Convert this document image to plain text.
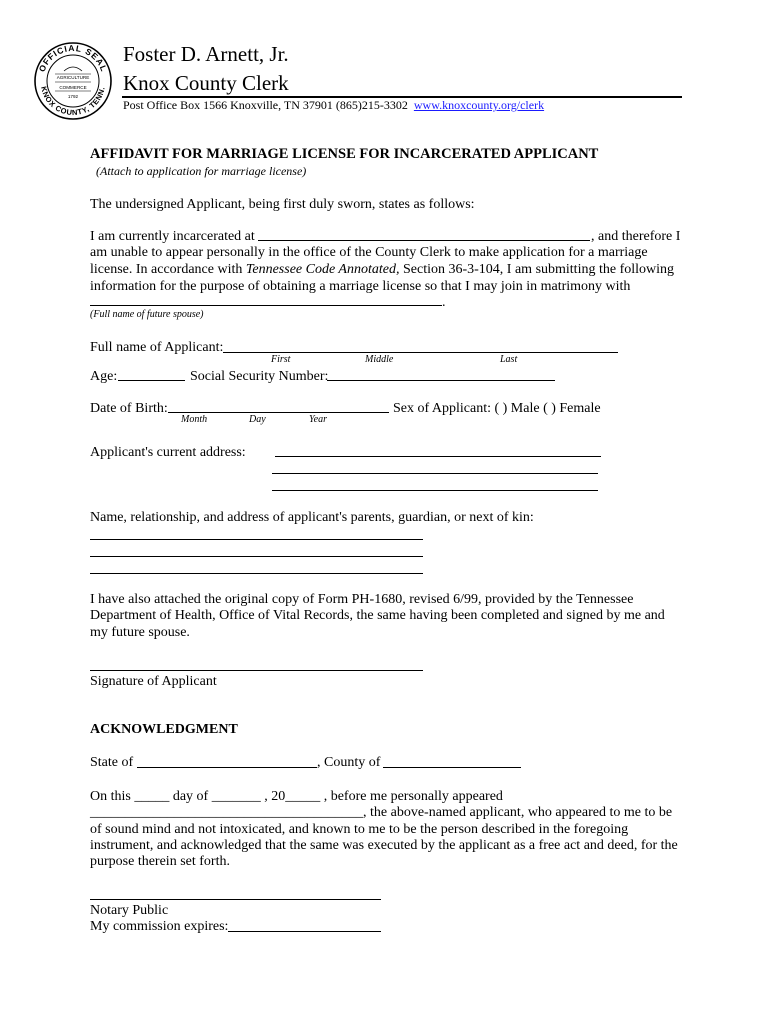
OFFICIAL SEAL
KNOX COUNTY, TENN.
AGRICULTURE
COMMERCE
1792
Foster D. Arnett, Jr.
Knox County Clerk
Post Office Box 1566 Knoxville, TN 37901 (865)215-3302 www.knoxcounty.org/clerk
AFFIDAVIT FOR MARRIAGE LICENSE FOR INCARCERATED APPLICANT
(Attach to application for marriage license)
The undersigned Applicant, being first duly sworn, states as follows:
I am currently incarcerated at	, and therefore I
am unable to appear personally in the office of the County Clerk to make application for a marriage
license. In accordance with Tennessee Code Annotated, Section 36-3-104, I am submitting the following
information for the purpose of obtaining a marriage license so that I may join in matrimony with
.
(Full name of future spouse)
Full name of Applicant:
First	Middle	Last
Age:	Social Security Number:
Date of Birth:
Month	Day	Year
Sex of Applicant: ( ) Male ( ) Female
Applicant's current address:
Name, relationship, and address of applicant's parents, guardian, or next of kin:
I have also attached the original copy of Form PH-1680, revised 6/99, provided by the Tennessee
Department of Health, Office of Vital Records, the same having been completed and signed by me and
my future spouse.
Signature of Applicant
ACKNOWLEDGMENT
State of	, County of
On this _____ day of _______ , 20_____ , before me personally appeared
_______________________________________, the above-named applicant, who appeared to me to be
of sound mind and not intoxicated, and known to me to be the person described in the foregoing
instrument, and acknowledged that the same was executed by the applicant as a free act and deed, for the
purpose therein set forth.
Notary Public
My commission expires:
